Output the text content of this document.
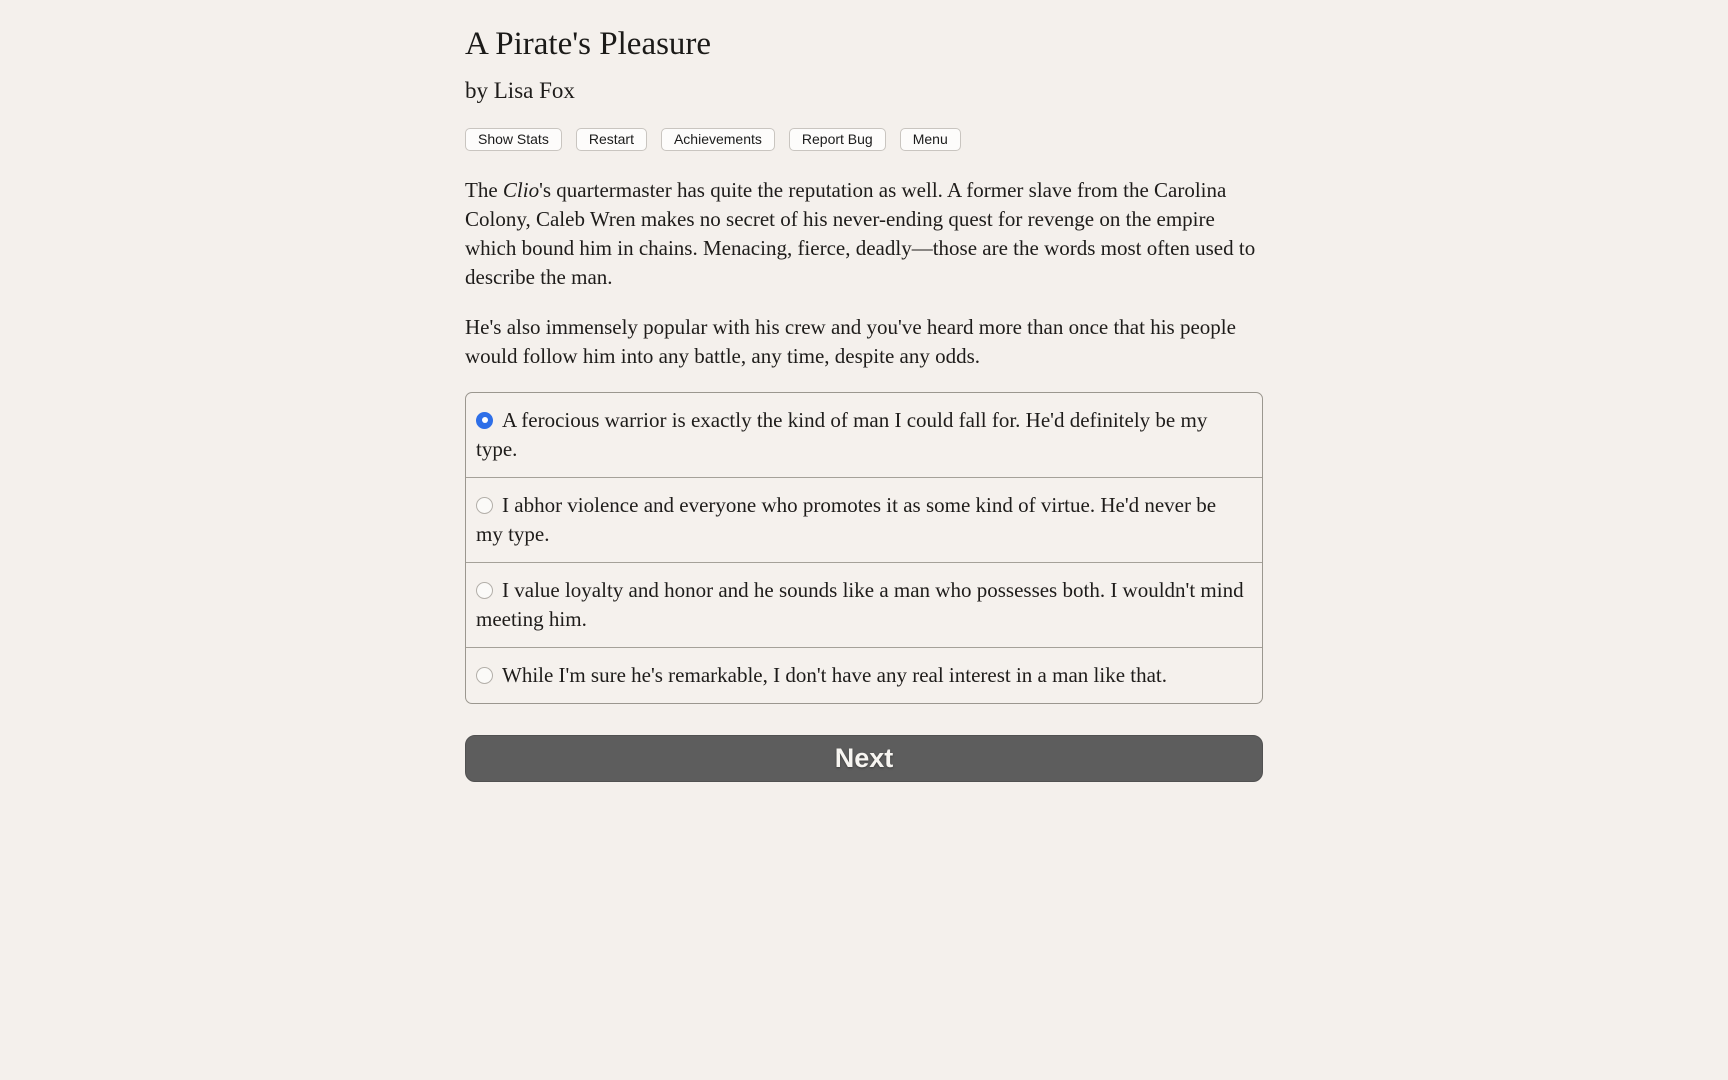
A Pirate's Pleasure
by Lisa Fox
Show Stats	Restart	Achievements	Report Bug	Menu

The Clio's quartermaster has quite the reputation as well. A former slave from the Carolina Colony, Caleb Wren makes no secret of his never-ending quest for revenge on the empire which bound him in chains. Menacing, fierce, deadly—those are the words most often used to describe the man.

He's also immensely popular with his crew and you've heard more than once that his people would follow him into any battle, any time, despite any odds.

A ferocious warrior is exactly the kind of man I could fall for. He'd definitely be my type.
I abhor violence and everyone who promotes it as some kind of virtue. He'd never be my type.
I value loyalty and honor and he sounds like a man who possesses both. I wouldn't mind meeting him.
While I'm sure he's remarkable, I don't have any real interest in a man like that.
Next
